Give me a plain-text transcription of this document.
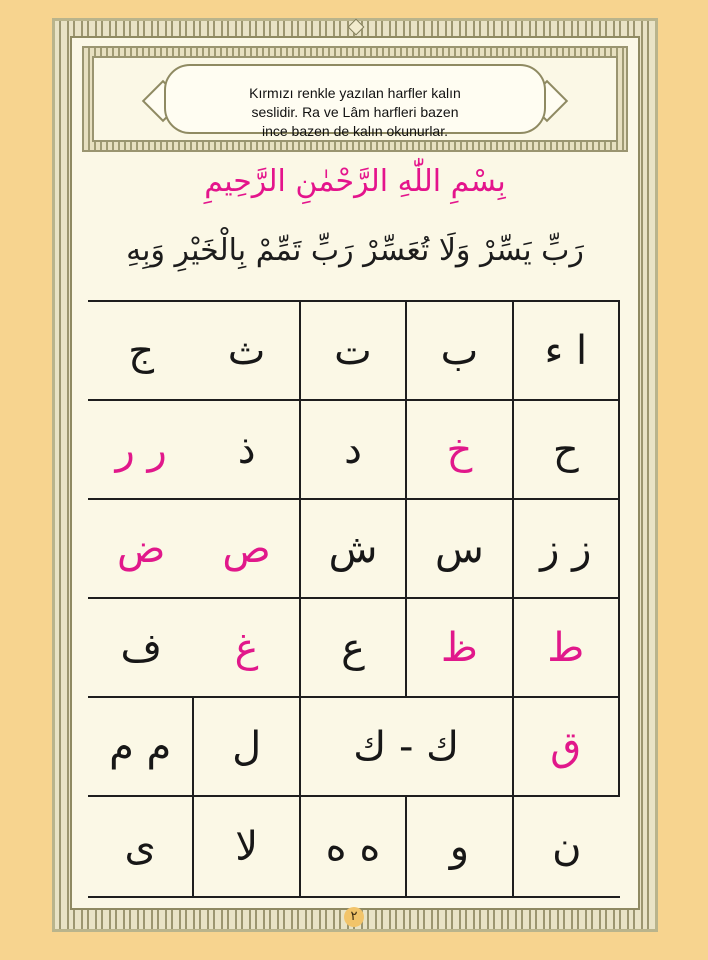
Kırmızı renkle yazılan harfler kalın
seslidir. Ra ve Lâm harfleri bazen
ince bazen de kalın okunurlar.
بِسْمِ اللّٰهِ الرَّحْمٰنِ الرَّحِيمِ
رَبِّ يَسِّرْ وَلَا تُعَسِّرْ رَبِّ تَمِّمْ بِالْخَيْرِ وَبِهِ
ا ء
ب
ت
ث
ج
ح
خ
د
ذ
ر ر
ز ز
س
ش
ص
ض
ط
ظ
ع
غ
ف
ق
ك - ك
ل
م م
ن
و
ه ه
لا
ى
٢
